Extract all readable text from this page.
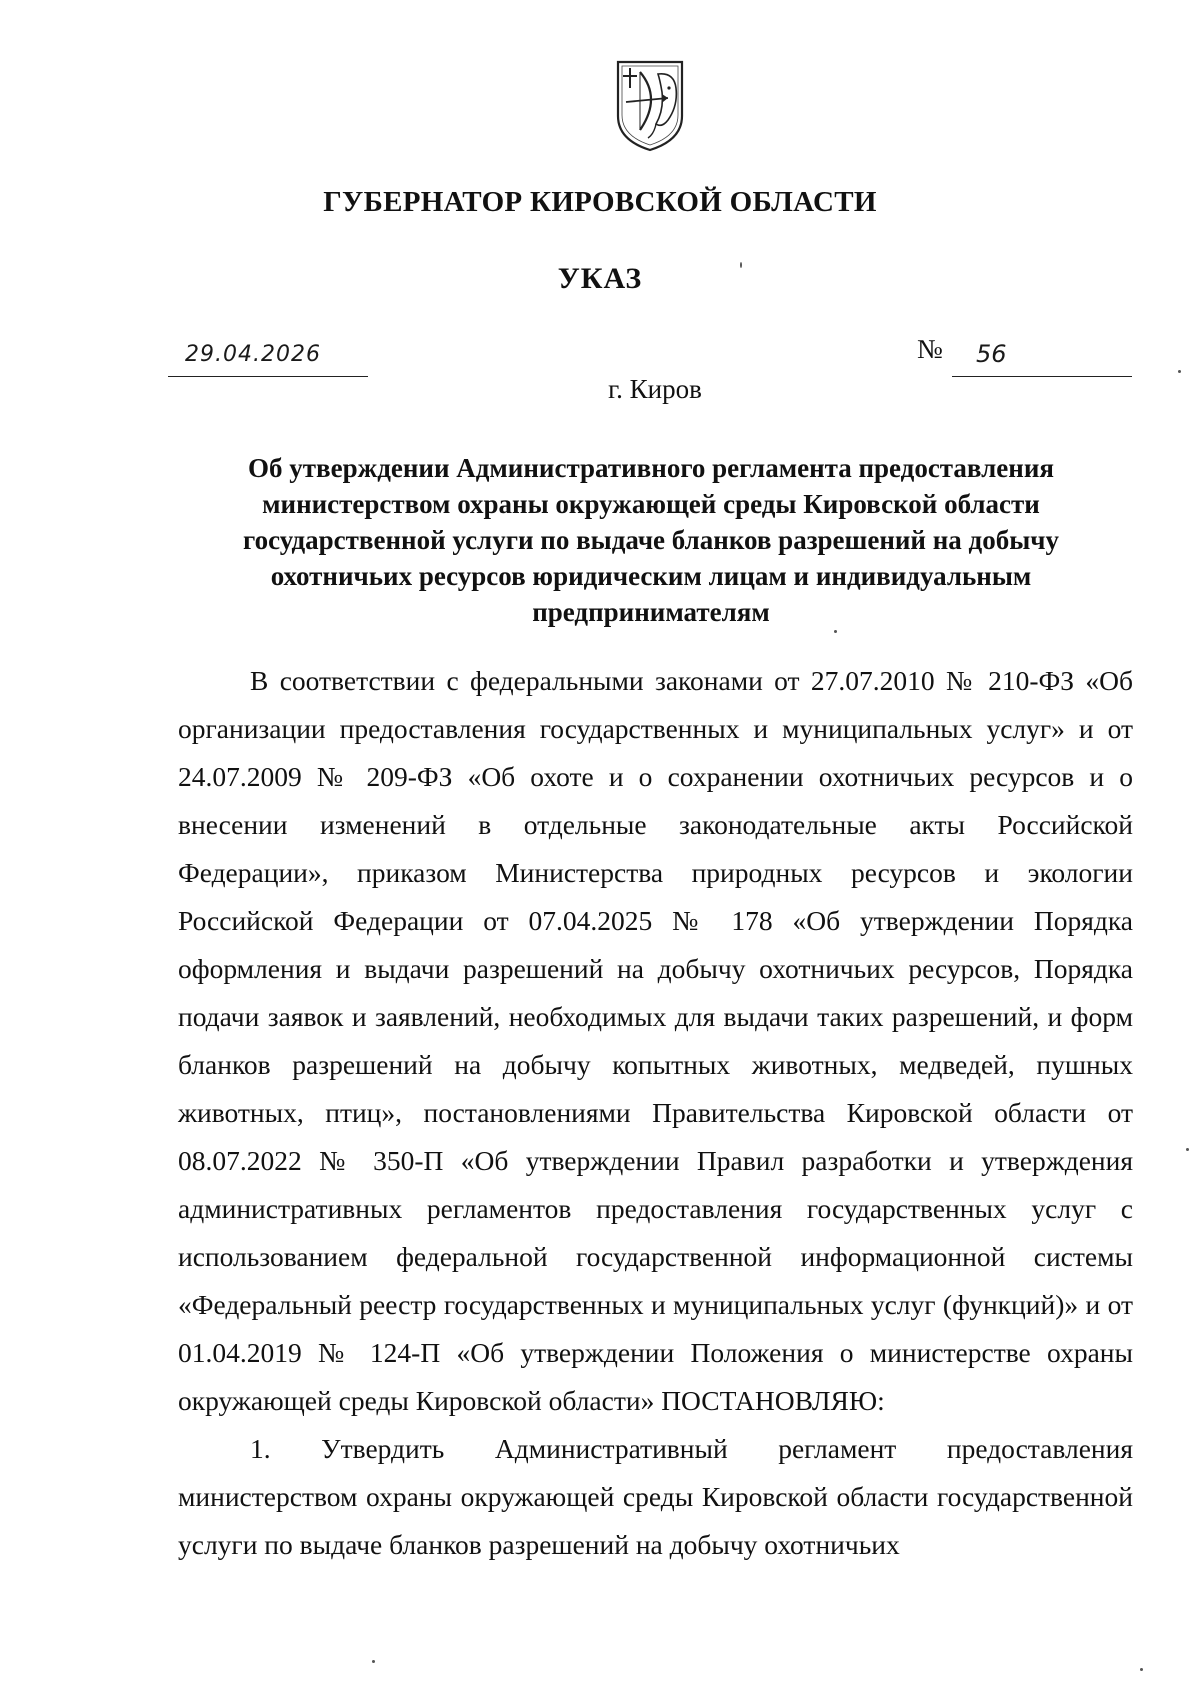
ГУБЕРНАТОР КИРОВСКОЙ ОБЛАСТИ
УКАЗ
29.04.2026	№ 56
г. Киров
Об утверждении Административного регламента предоставления министерством охраны окружающей среды Кировской области государственной услуги по выдаче бланков разрешений на добычу охотничьих ресурсов юридическим лицам и индивидуальным предпринимателям

В соответствии с федеральными законами от 27.07.2010 № 210-ФЗ «Об организации предоставления государственных и муниципальных услуг» и от 24.07.2009 № 209-ФЗ «Об охоте и о сохранении охотничьих ресурсов и о внесении изменений в отдельные законодательные акты Российской Федерации», приказом Министерства природных ресурсов и экологии Российской Федерации от 07.04.2025 № 178 «Об утверждении Порядка оформления и выдачи разрешений на добычу охотничьих ресурсов, Порядка подачи заявок и заявлений, необходимых для выдачи таких разрешений, и форм бланков разрешений на добычу копытных животных, медведей, пушных животных, птиц», постановлениями Правительства Кировской области от 08.07.2022 № 350-П «Об утверждении Правил разработки и утверждения административных регламентов предоставления государственных услуг с использованием федеральной государственной информационной системы «Федеральный реестр государственных и муниципальных услуг (функций)» и от 01.04.2019 № 124-П «Об утверждении Положения о министерстве охраны окружающей среды Кировской области» ПОСТАНОВЛЯЮ:

1. Утвердить Административный регламент предоставления министерством охраны окружающей среды Кировской области государственной услуги по выдаче бланков разрешений на добычу охотничьих
